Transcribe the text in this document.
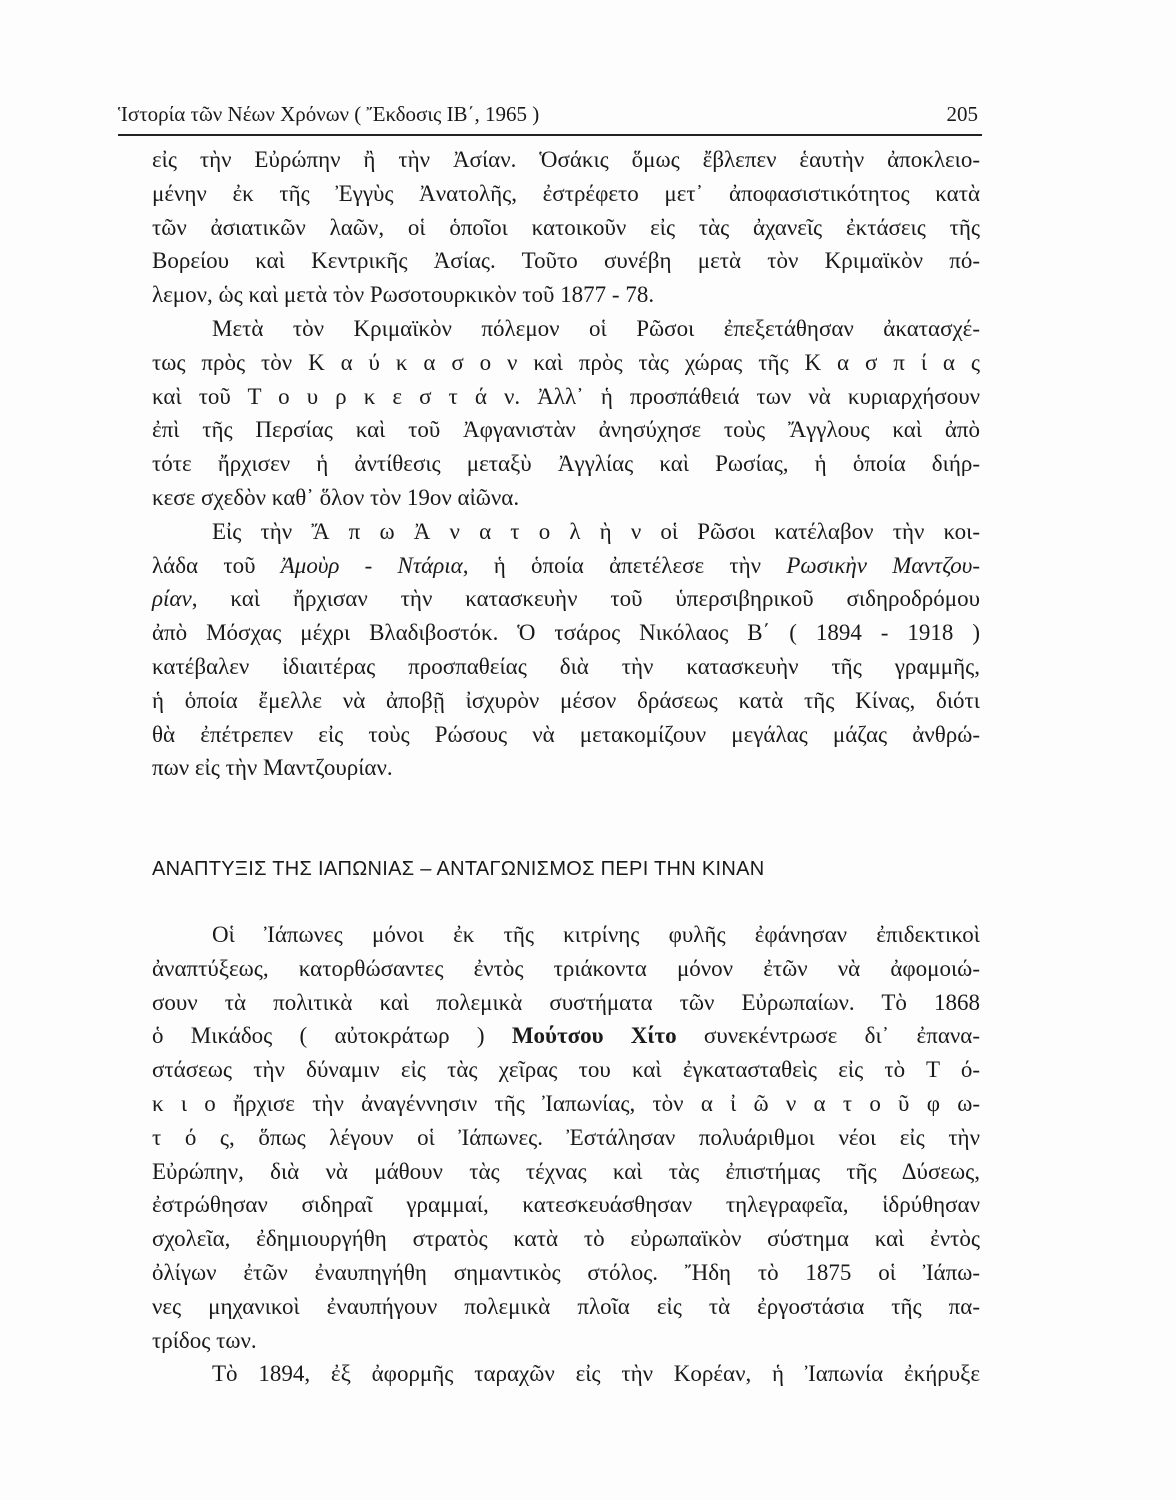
Ἱστορία τῶν Νέων Χρόνων ( Ἔκδοσις ΙΒ΄, 1965 )	205
εἰς τὴν Εὐρώπην ἢ τὴν Ἀσίαν. Ὁσάκις ὅμως ἔβλεπεν ἑαυτὴν ἀποκλειο-
μένην ἐκ τῆς Ἐγγὺς Ἀνατολῆς, ἐστρέφετο μετ᾽ ἀποφασιστικότητος κατὰ
τῶν ἀσιατικῶν λαῶν, οἱ ὁποῖοι κατοικοῦν εἰς τὰς ἀχανεῖς ἐκτάσεις τῆς
Βορείου καὶ Κεντρικῆς Ἀσίας. Τοῦτο συνέβη μετὰ τὸν Κριμαϊκὸν πό-
λεμον, ὡς καὶ μετὰ τὸν Ρωσοτουρκικὸν τοῦ 1877 - 78.
Μετὰ τὸν Κριμαϊκὸν πόλεμον οἱ Ρῶσοι ἐπεξετάθησαν ἀκατασχέ-
τως πρὸς τὸν Κ α ύ κ α σ ο ν καὶ πρὸς τὰς χώρας τῆς Κ α σ π ί α ς
καὶ τοῦ Τ ο υ ρ κ ε σ τ ά ν. Ἀλλ᾽ ἡ προσπάθειά των νὰ κυριαρχήσουν
ἐπὶ τῆς Περσίας καὶ τοῦ Ἀφγανιστὰν ἀνησύχησε τοὺς Ἄγγλους καὶ ἀπὸ
τότε ἤρχισεν ἡ ἀντίθεσις μεταξὺ Ἀγγλίας καὶ Ρωσίας, ἡ ὁποία διήρ-
κεσε σχεδὸν καθ᾽ ὅλον τὸν 19ον αἰῶνα.
Εἰς τὴν Ἄ π ω Ἀ ν α τ ο λ ὴ ν οἱ Ρῶσοι κατέλαβον τὴν κοι-
λάδα τοῦ Ἀμοὺρ - Ντάρια, ἡ ὁποία ἀπετέλεσε τὴν Ρωσικὴν Μαντζου-
ρίαν, καὶ ἤρχισαν τὴν κατασκευὴν τοῦ ὑπερσιβηρικοῦ σιδηροδρόμου
ἀπὸ Μόσχας μέχρι Βλαδιβοστόκ. Ὁ τσάρος Νικόλαος Β΄ ( 1894 - 1918 )
κατέβαλεν ἰδιαιτέρας προσπαθείας διὰ τὴν κατασκευὴν τῆς γραμμῆς,
ἡ ὁποία ἔμελλε νὰ ἀποβῇ ἰσχυρὸν μέσον δράσεως κατὰ τῆς Κίνας, διότι
θὰ ἐπέτρεπεν εἰς τοὺς Ρώσους νὰ μετακομίζουν μεγάλας μάζας ἀνθρώ-
πων εἰς τὴν Μαντζουρίαν.
ΑΝΑΠΤΥΞΙΣ ΤΗΣ ΙΑΠΩΝΙΑΣ – ΑΝΤΑΓΩΝΙΣΜΟΣ ΠΕΡΙ ΤΗΝ ΚΙΝΑΝ
Οἱ Ἰάπωνες μόνοι ἐκ τῆς κιτρίνης φυλῆς ἐφάνησαν ἐπιδεκτικοὶ
ἀναπτύξεως, κατορθώσαντες ἐντὸς τριάκοντα μόνον ἐτῶν νὰ ἀφομοιώ-
σουν τὰ πολιτικὰ καὶ πολεμικὰ συστήματα τῶν Εὐρωπαίων. Τὸ 1868
ὁ Μικάδος ( αὐτοκράτωρ ) Μούτσου Χίτο συνεκέντρωσε δι᾽ ἐπανα-
στάσεως τὴν δύναμιν εἰς τὰς χεῖρας του καὶ ἐγκατασταθεὶς εἰς τὸ Τ ό-
κ ι ο ἤρχισε τὴν ἀναγέννησιν τῆς Ἰαπωνίας, τὸν α ἰ ῶ ν α τ ο ῦ φ ω-
τ ό ς, ὅπως λέγουν οἱ Ἰάπωνες. Ἐστάλησαν πολυάριθμοι νέοι εἰς τὴν
Εὐρώπην, διὰ νὰ μάθουν τὰς τέχνας καὶ τὰς ἐπιστήμας τῆς Δύσεως,
ἐστρώθησαν σιδηραῖ γραμμαί, κατεσκευάσθησαν τηλεγραφεῖα, ἱδρύθησαν
σχολεῖα, ἐδημιουργήθη στρατὸς κατὰ τὸ εὐρωπαϊκὸν σύστημα καὶ ἐντὸς
ὀλίγων ἐτῶν ἐναυπηγήθη σημαντικὸς στόλος. Ἤδη τὸ 1875 οἱ Ἰάπω-
νες μηχανικοὶ ἐναυπήγουν πολεμικὰ πλοῖα εἰς τὰ ἐργοστάσια τῆς πα-
τρίδος των.
Τὸ 1894, ἐξ ἀφορμῆς ταραχῶν εἰς τὴν Κορέαν, ἡ Ἰαπωνία ἐκήρυξε
